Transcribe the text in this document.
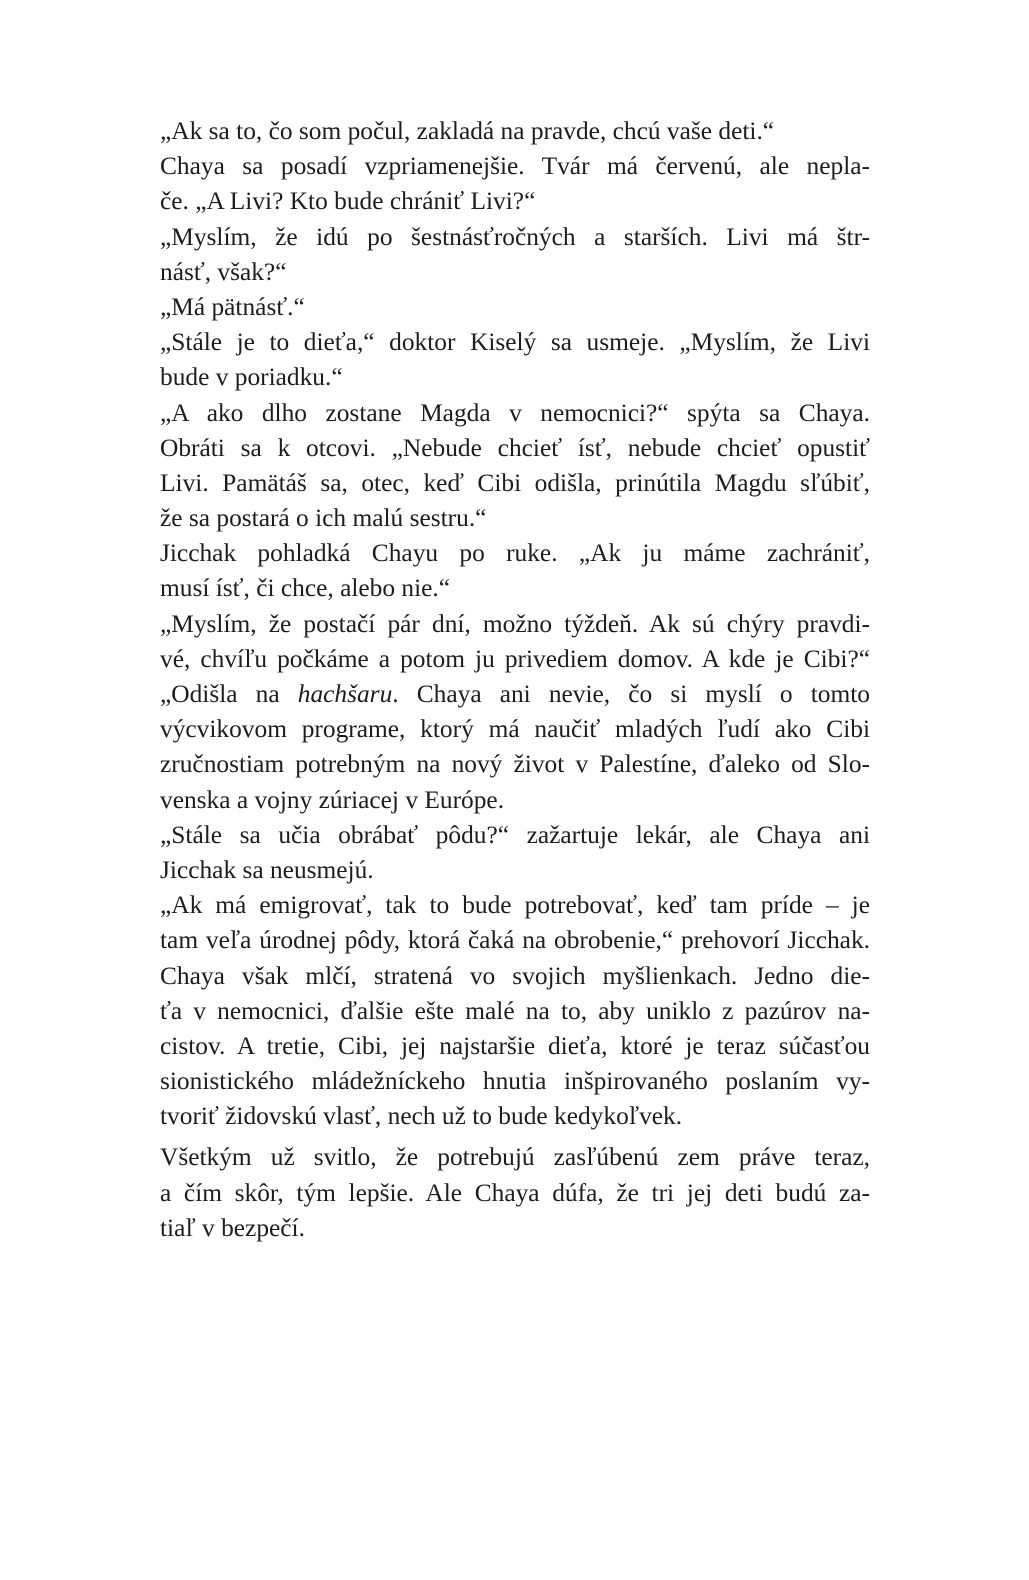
„Ak sa to, čo som počul, zakladá na pravde, chcú vaše deti.“
Chaya sa posadí vzpriamenejšie. Tvár má červenú, ale nepla-
če. „A Livi? Kto bude chrániť Livi?“
„Myslím, že idú po šestnásťročných a starších. Livi má štr-
násť, však?“
„Má pätnásť.“
„Stále je to dieťa,“ doktor Kiselý sa usmeje. „Myslím, že Livi
bude v poriadku.“
„A ako dlho zostane Magda v nemocnici?“ spýta sa Chaya.
Obráti sa k otcovi. „Nebude chcieť ísť, nebude chcieť opustiť
Livi. Pamätáš sa, otec, keď Cibi odišla, prinútila Magdu sľúbiť,
že sa postará o ich malú sestru.“
Jicchak pohladká Chayu po ruke. „Ak ju máme zachrániť,
musí ísť, či chce, alebo nie.“
„Myslím, že postačí pár dní, možno týždeň. Ak sú chýry pravdi-
vé, chvíľu počkáme a potom ju privediem domov. A kde je Cibi?“
„Odišla na hachšaru. Chaya ani nevie, čo si myslí o tomto
výcvikovom programe, ktorý má naučiť mladých ľudí ako Cibi
zručnostiam potrebným na nový život v Palestíne, ďaleko od Slo-
venska a vojny zúriacej v Európe.
„Stále sa učia obrábať pôdu?“ zažartuje lekár, ale Chaya ani
Jicchak sa neusmejú.
„Ak má emigrovať, tak to bude potrebovať, keď tam príde – je
tam veľa úrodnej pôdy, ktorá čaká na obrobenie,“ prehovorí Jicchak.
Chaya však mlčí, stratená vo svojich myšlienkach. Jedno die-
ťa v nemocnici, ďalšie ešte malé na to, aby uniklo z pazúrov na-
cistov. A tretie, Cibi, jej najstaršie dieťa, ktoré je teraz súčasťou
sionistického mládežníckeho hnutia inšpirovaného poslaním vy-
tvoriť židovskú vlasť, nech už to bude kedykoľvek.
Všetkým už svitlo, že potrebujú zasľúbenú zem práve teraz,
a čím skôr, tým lepšie. Ale Chaya dúfa, že tri jej deti budú za-
tiaľ v bezpečí.
